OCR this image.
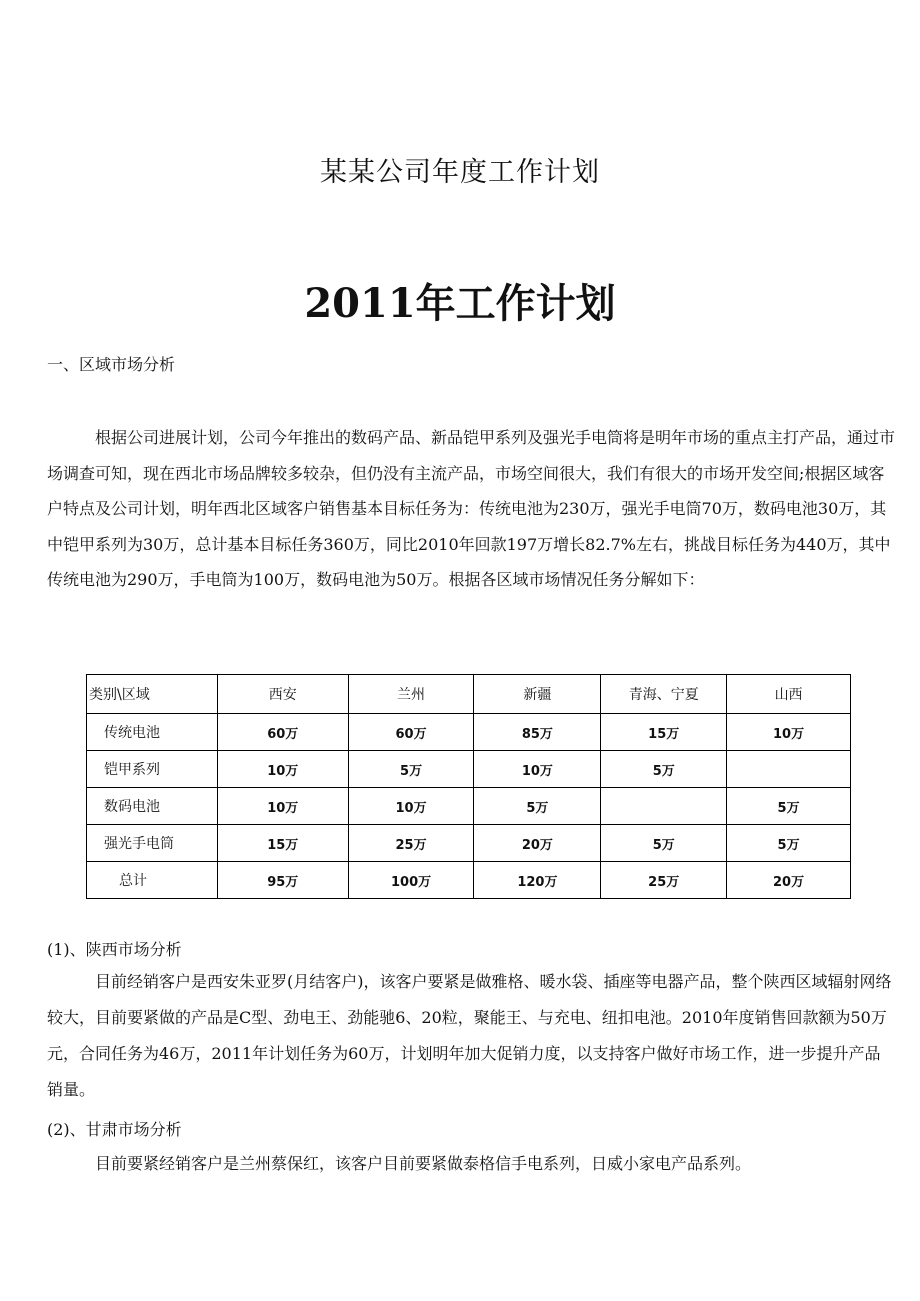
某某公司年度工作计划
2011年工作计划
一、区域市场分析

根据公司进展计划，公司今年推出的数码产品、新品铠甲系列及强光手电筒将是明年市场的重点主打产品，通过市场调查可知，现在西北市场品牌较多较杂，但仍没有主流产品，市场空间很大，我们有很大的市场开发空间;根据区域客户特点及公司计划，明年西北区域客户销售基本目标任务为：传统电池为230万，强光手电筒70万，数码电池30万，其中铠甲系列为30万，总计基本目标任务360万，同比2010年回款197万增长82.7%左右，挑战目标任务为440万，其中传统电池为290万，手电筒为100万，数码电池为50万。根据各区域市场情况任务分解如下：

类别\区域	西安	兰州	新疆	青海、宁夏	山西
传统电池	60万	60万	85万	15万	10万
铠甲系列	10万	5万	10万	5万	
数码电池	10万	10万	5万		5万
强光手电筒	15万	25万	20万	5万	5万
总计	95万	100万	120万	25万	20万
(1)、陕西市场分析

目前经销客户是西安朱亚罗(月结客户)，该客户要紧是做雅格、暖水袋、插座等电器产品，整个陕西区域辐射网络较大，目前要紧做的产品是C型、劲电王、劲能驰6、20粒，聚能王、与充电、纽扣电池。2010年度销售回款额为50万元，合同任务为46万，2011年计划任务为60万，计划明年加大促销力度，以支持客户做好市场工作，进一步提升产品销量。

(2)、甘肃市场分析

目前要紧经销客户是兰州蔡保红，该客户目前要紧做泰格信手电系列，日威小家电产品系列。
